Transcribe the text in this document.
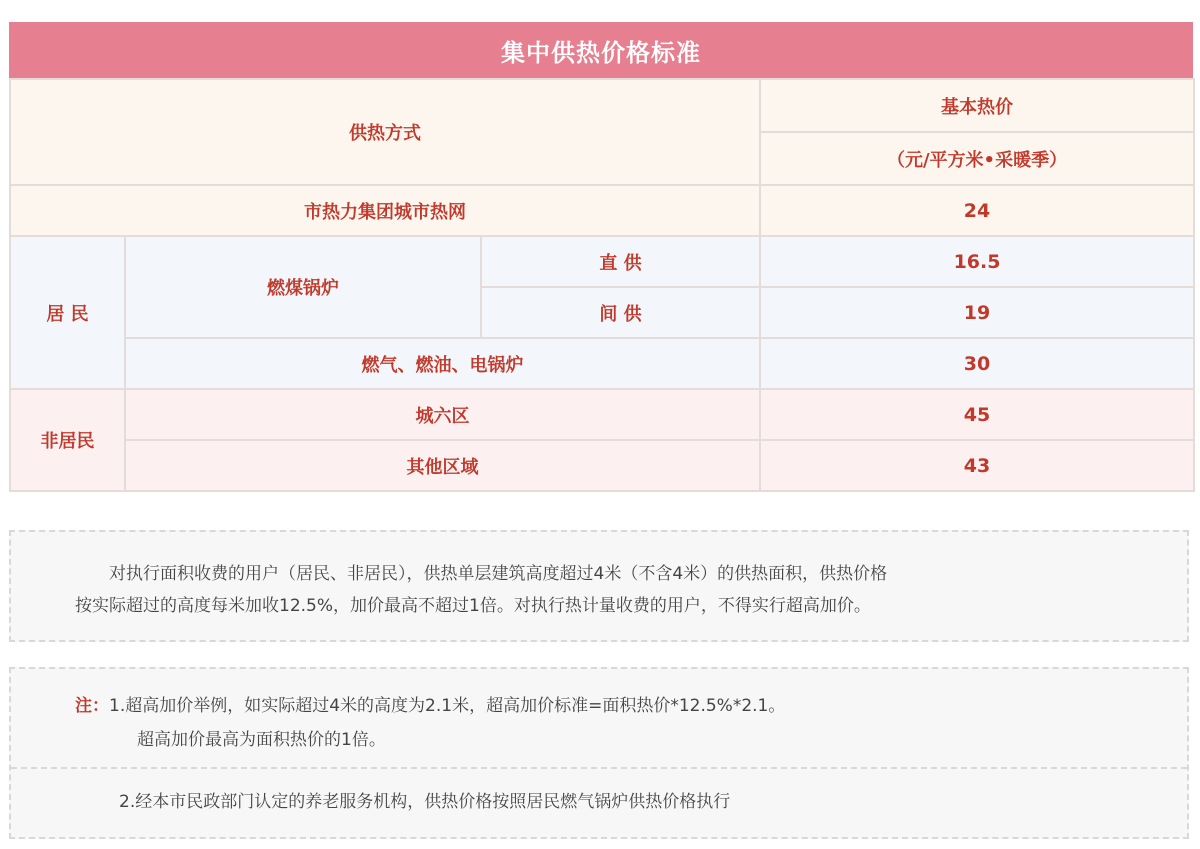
集中供热价格标准
供热方式			基本热价
			（元/平方米•采暖季）
市热力集团城市热网			24
居 民	燃煤锅炉	直 供	16.5
		间 供	19
	燃气、燃油、电锅炉		30
非居民	城六区		45
	其他区域		43
对执行面积收费的用户（居民、非居民），供热单层建筑高度超过4米（不含4米）的供热面积，供热价格
按实际超过的高度每米加收12.5%，加价最高不超过1倍。对执行热计量收费的用户，不得实行超高加价。
注：1.超高加价举例，如实际超过4米的高度为2.1米，超高加价标准=面积热价*12.5%*2.1。
超高加价最高为面积热价的1倍。
2.经本市民政部门认定的养老服务机构，供热价格按照居民燃气锅炉供热价格执行
